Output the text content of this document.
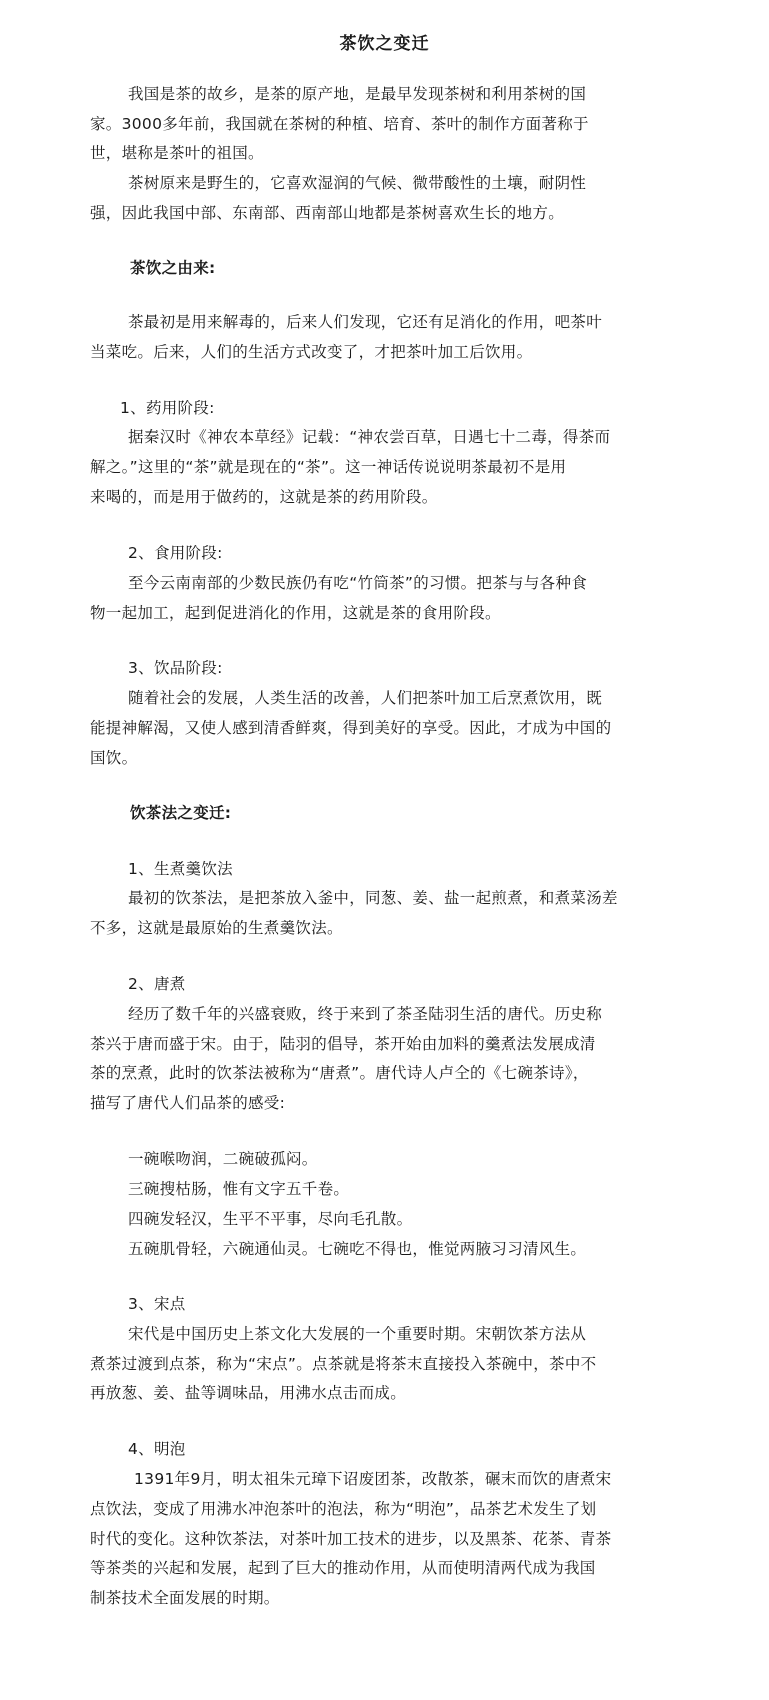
茶饮之变迁
我国是茶的故乡，是茶的原产地，是最早发现茶树和利用茶树的国
家。3000多年前，我国就在茶树的种植、培育、茶叶的制作方面著称于
世，堪称是茶叶的祖国。
茶树原来是野生的，它喜欢湿润的气候、微带酸性的土壤，耐阴性
强，因此我国中部、东南部、西南部山地都是茶树喜欢生长的地方。
茶饮之由来:
茶最初是用来解毒的，后来人们发现，它还有足消化的作用，吧茶叶
当菜吃。后来，人们的生活方式改变了，才把茶叶加工后饮用。
1、药用阶段:
据秦汉时《神农本草经》记载：“神农尝百草，日遇七十二毒，得茶而
解之。”这里的“茶”就是现在的“茶”。这一神话传说说明茶最初不是用
来喝的，而是用于做药的，这就是茶的药用阶段。
2、食用阶段:
至今云南南部的少数民族仍有吃“竹筒茶”的习惯。把茶与与各种食
物一起加工，起到促进消化的作用，这就是茶的食用阶段。
3、饮品阶段:
随着社会的发展，人类生活的改善，人们把茶叶加工后烹煮饮用，既
能提神解渴，又使人感到清香鲜爽，得到美好的享受。因此，才成为中国的
国饮。
饮茶法之变迁:
1、生煮羹饮法
最初的饮茶法，是把茶放入釜中，同葱、姜、盐一起煎煮，和煮菜汤差
不多，这就是最原始的生煮羹饮法。
2、唐煮
经历了数千年的兴盛衰败，终于来到了茶圣陆羽生活的唐代。历史称
茶兴于唐而盛于宋。由于，陆羽的倡导，茶开始由加料的羹煮法发展成清
茶的烹煮，此时的饮茶法被称为“唐煮”。唐代诗人卢仝的《七碗茶诗》，
描写了唐代人们品茶的感受:
一碗喉吻润，二碗破孤闷。
三碗搜枯肠，惟有文字五千卷。
四碗发轻汉，生平不平事，尽向毛孔散。
五碗肌骨轻，六碗通仙灵。七碗吃不得也，惟觉两腋习习清风生。
3、宋点
宋代是中国历史上茶文化大发展的一个重要时期。宋朝饮茶方法从
煮茶过渡到点茶，称为“宋点”。点茶就是将茶末直接投入茶碗中，茶中不
再放葱、姜、盐等调味品，用沸水点击而成。
4、明泡
1391年9月，明太祖朱元璋下诏废团茶，改散茶，碾末而饮的唐煮宋
点饮法，变成了用沸水冲泡茶叶的泡法，称为“明泡”，品茶艺术发生了划
时代的变化。这种饮茶法，对茶叶加工技术的进步，以及黑茶、花茶、青茶
等茶类的兴起和发展，起到了巨大的推动作用，从而使明清两代成为我国
制茶技术全面发展的时期。
